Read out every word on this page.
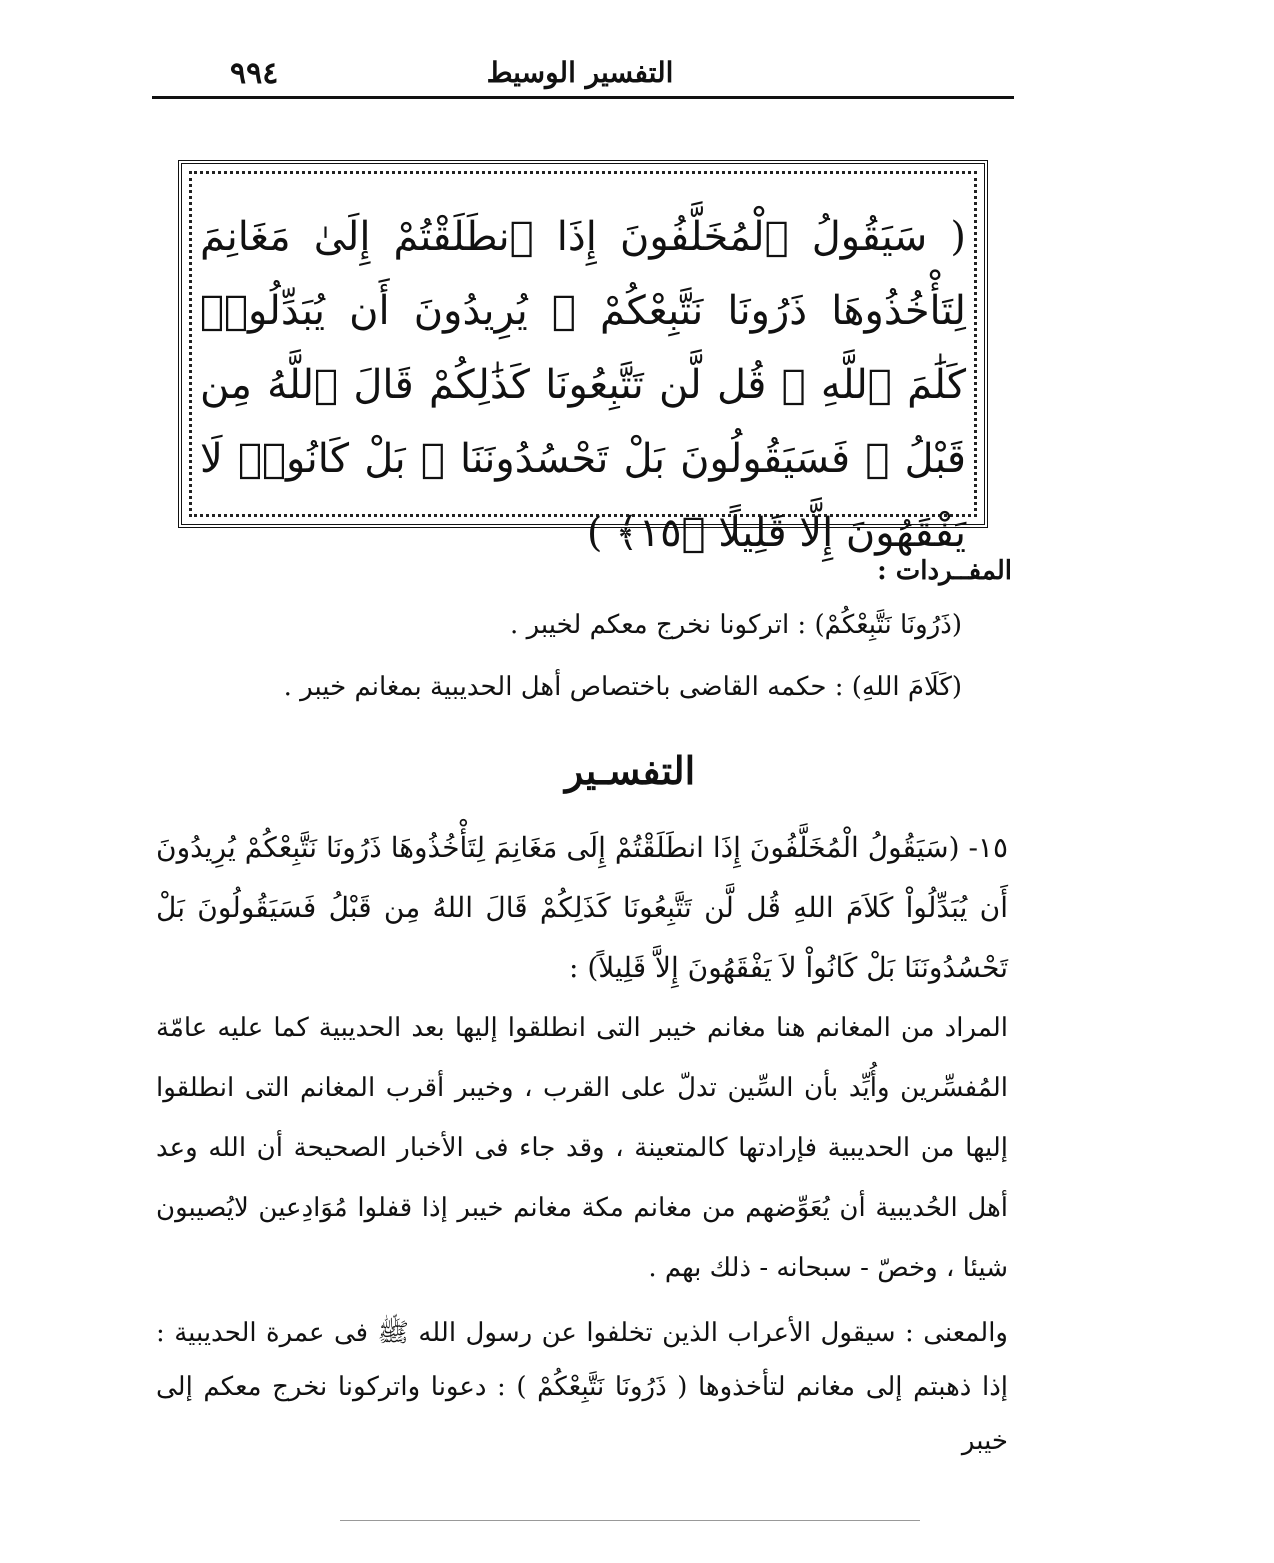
٩٩٤	التفسير الوسيط
( سَيَقُولُ ٱلْمُخَلَّفُونَ إِذَا ٱنطَلَقْتُمْ إِلَىٰ مَغَانِمَ لِتَأْخُذُوهَا ذَرُونَا نَتَّبِعْكُمْ ۖ يُرِيدُونَ أَن يُبَدِّلُوا۟ كَلَٰمَ ٱللَّهِ ۚ قُل لَّن تَتَّبِعُونَا كَذَٰلِكُمْ قَالَ ٱللَّهُ مِن قَبْلُ ۖ فَسَيَقُولُونَ بَلْ تَحْسُدُونَنَا ۚ بَلْ كَانُوا۟ لَا يَفْقَهُونَ إِلَّا قَلِيلًا ﴿١٥﴾ )
المفــردات :
(ذَرُونَا نَتَّبِعْكُمْ) : اتركونا نخرج معكم لخيبر .
(كَلَامَ اللهِ) : حكمه القاضى باختصاص أهل الحديبية بمغانم خيبر .
التفسـير
١٥- (سَيَقُولُ الْمُخَلَّفُونَ إِذَا انطَلَقْتُمْ إِلَى مَغَانِمَ لِتَأْخُذُوهَا ذَرُونَا نَتَّبِعْكُمْ يُرِيدُونَ أَن يُبَدِّلُواْ كَلاَمَ اللهِ قُل لَّن تَتَّبِعُونَا كَذَلِكُمْ قَالَ اللهُ مِن قَبْلُ فَسَيَقُولُونَ بَلْ تَحْسُدُونَنَا بَلْ كَانُواْ لاَ يَفْقَهُونَ إِلاَّ قَلِيلاً) :
المراد من المغانم هنا مغانم خيبر التى انطلقوا إليها بعد الحديبية كما عليه عامّة المُفسِّرين وأُيِّد بأن السِّين تدلّ على القرب ، وخيبر أقرب المغانم التى انطلقوا إليها من الحديبية فإرادتها كالمتعينة ، وقد جاء فى الأخبار الصحيحة أن الله وعد أهل الحُديبية أن يُعَوِّضهم من مغانم مكة مغانم خيبر إذا قفلوا مُوَادِعين لايُصيبون شيئا ، وخصّ - سبحانه - ذلك بهم .
والمعنى : سيقول الأعراب الذين تخلفوا عن رسول الله ﷺ فى عمرة الحديبية : إذا ذهبتم إلى مغانم لتأخذوها ( ذَرُونَا نَتَّبِعْكُمْ ) : دعونا واتركونا نخرج معكم إلى خيبر
